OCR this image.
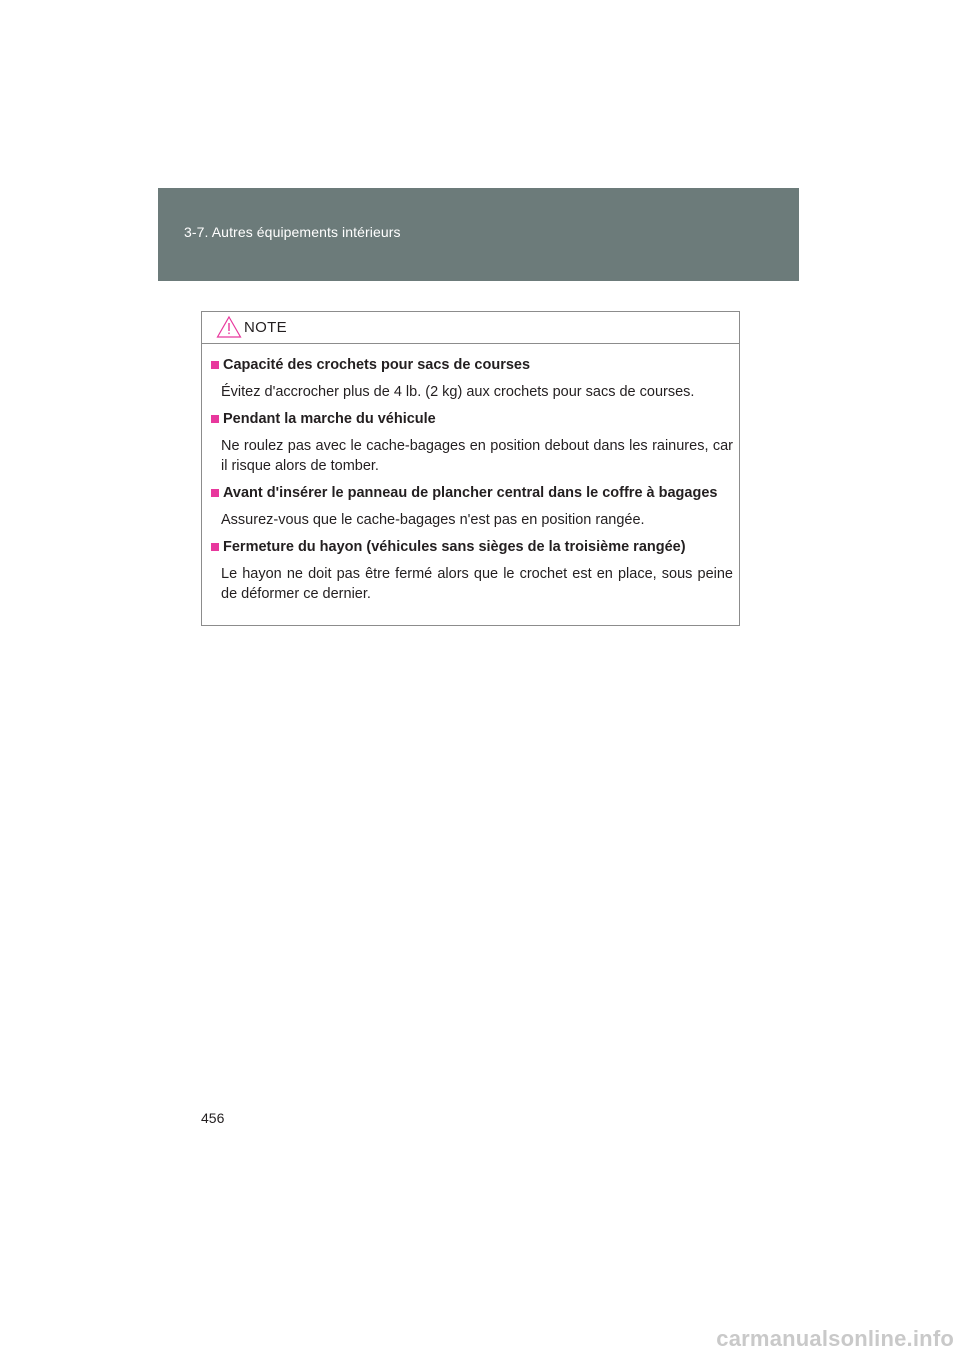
3-7. Autres équipements intérieurs
NOTE
Capacité des crochets pour sacs de courses
Évitez d'accrocher plus de 4 lb. (2 kg) aux crochets pour sacs de courses.
Pendant la marche du véhicule
Ne roulez pas avec le cache-bagages en position debout dans les rainures, car il risque alors de tomber.
Avant d'insérer le panneau de plancher central dans le coffre à bagages
Assurez-vous que le cache-bagages n'est pas en position rangée.
Fermeture du hayon (véhicules sans sièges de la troisième rangée)
Le hayon ne doit pas être fermé alors que le crochet est en place, sous peine de déformer ce dernier.
456
carmanualsonline.info
